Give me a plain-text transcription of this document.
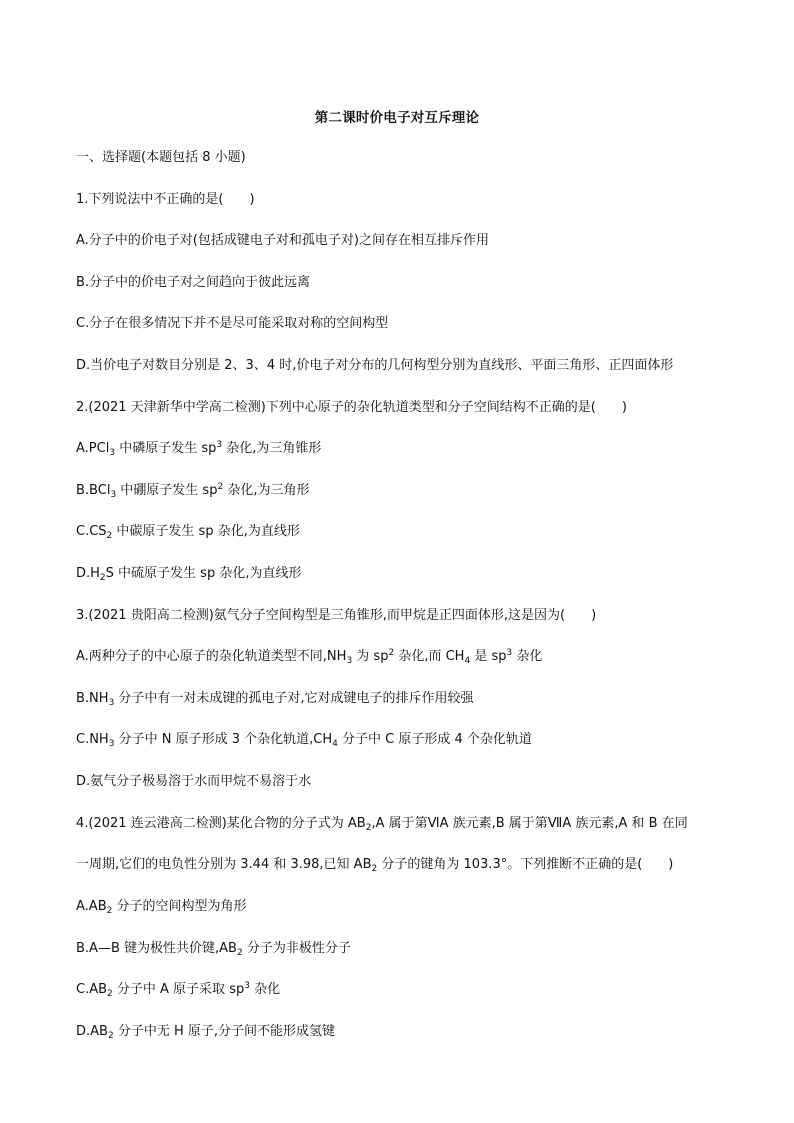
第二课时价电子对互斥理论
一、选择题(本题包括 8 小题)
1.下列说法中不正确的是(　　)
A.分子中的价电子对(包括成键电子对和孤电子对)之间存在相互排斥作用
B.分子中的价电子对之间趋向于彼此远离
C.分子在很多情况下并不是尽可能采取对称的空间构型
D.当价电子对数目分别是 2、3、4 时,价电子对分布的几何构型分别为直线形、平面三角形、正四面体形
2.(2021 天津新华中学高二检测)下列中心原子的杂化轨道类型和分子空间结构不正确的是(　　)
A.PCl$_3$ 中磷原子发生 $sp^3$ 杂化,为三角锥形
B.BCl$_3$ 中硼原子发生 $sp^2$ 杂化,为三角形
$C.CS_2$ 中碳原子发生 sp 杂化,为直线形
$D.H_2S$ 中硫原子发生 sp 杂化,为直线形
3.(2021 贵阳高二检测)氨气分子空间构型是三角锥形,而甲烷是正四面体形,这是因为(　　)
A.两种分子的中心原子的杂化轨道类型不同$,NH_3$ 为 $sp^2$ 杂化,而 $CH_4$ 是 $sp^3$ 杂化
$B.NH_3$ 分子中有一对未成键的孤电子对,它对成键电子的排斥作用较强
$C.NH_3$ 分子中 N 原子形成 3 个杂化轨道$,CH_4$ 分子中 C 原子形成 4 个杂化轨道
D.氨气分子极易溶于水而甲烷不易溶于水
4.(2021 连云港高二检测)某化合物的分子式为 $AB_2,A$ 属于第ⅥA 族元素,B 属于第ⅦA 族元素,A 和 B 在同
一周期,它们的电负性分别为 3.44 和 3.98,已知 $AB_2$ 分子的键角为 103.3°。下列推断不正确的是(　　)
$A.AB_2$ 分子的空间构型为角形
B.A—B 键为极性共价键$,AB_2$ 分子为非极性分子
$C.AB_2$ 分子中 A 原子采取 $sp^3$ 杂化
$D.AB_2$ 分子中无 H 原子,分子间不能形成氢键
